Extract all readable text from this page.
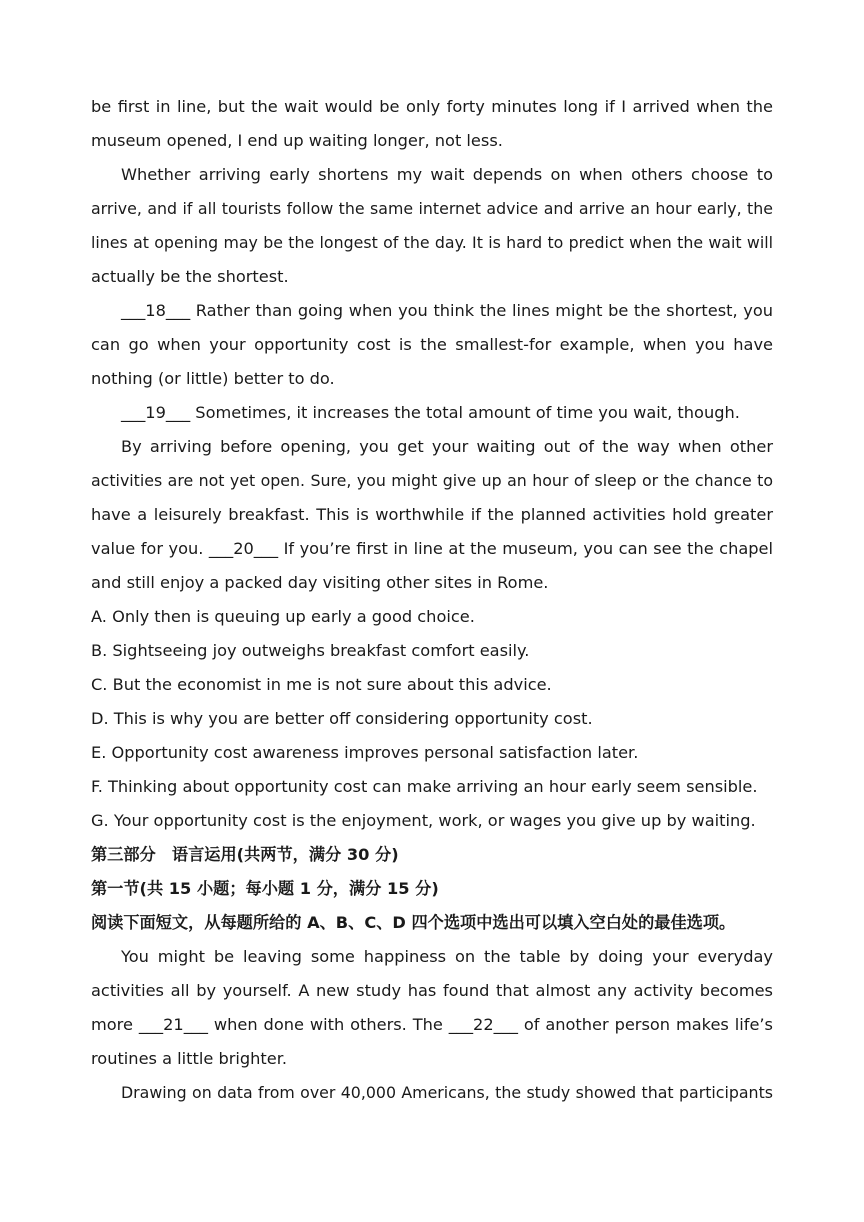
be first in line, but the wait would be only forty minutes long if I arrived when the
museum opened, I end up waiting longer, not less.
Whether arriving early shortens my wait depends on when others choose to
arrive, and if all tourists follow the same internet advice and arrive an hour early, the
lines at opening may be the longest of the day. It is hard to predict when the wait will
actually be the shortest.
___18___ Rather than going when you think the lines might be the shortest, you
can go when your opportunity cost is the smallest-for example, when you have
nothing (or little) better to do.
___19___ Sometimes, it increases the total amount of time you wait, though.
By arriving before opening, you get your waiting out of the way when other
activities are not yet open. Sure, you might give up an hour of sleep or the chance to
have a leisurely breakfast. This is worthwhile if the planned activities hold greater
value for you. ___20___ If you’re first in line at the museum, you can see the chapel
and still enjoy a packed day visiting other sites in Rome.
A. Only then is queuing up early a good choice.
B. Sightseeing joy outweighs breakfast comfort easily.
C. But the economist in me is not sure about this advice.
D. This is why you are better off considering opportunity cost.
E. Opportunity cost awareness improves personal satisfaction later.
F. Thinking about opportunity cost can make arriving an hour early seem sensible.
G. Your opportunity cost is the enjoyment, work, or wages you give up by waiting.
第三部分　语言运用(共两节，满分 30 分)
第一节(共 15 小题；每小题 1 分，满分 15 分)
阅读下面短文，从每题所给的 A、B、C、D 四个选项中选出可以填入空白处的最佳选项。
You might be leaving some happiness on the table by doing your everyday
activities all by yourself. A new study has found that almost any activity becomes
more ___21___ when done with others. The ___22___ of another person makes life’s
routines a little brighter.
Drawing on data from over 40,000 Americans, the study showed that participants
